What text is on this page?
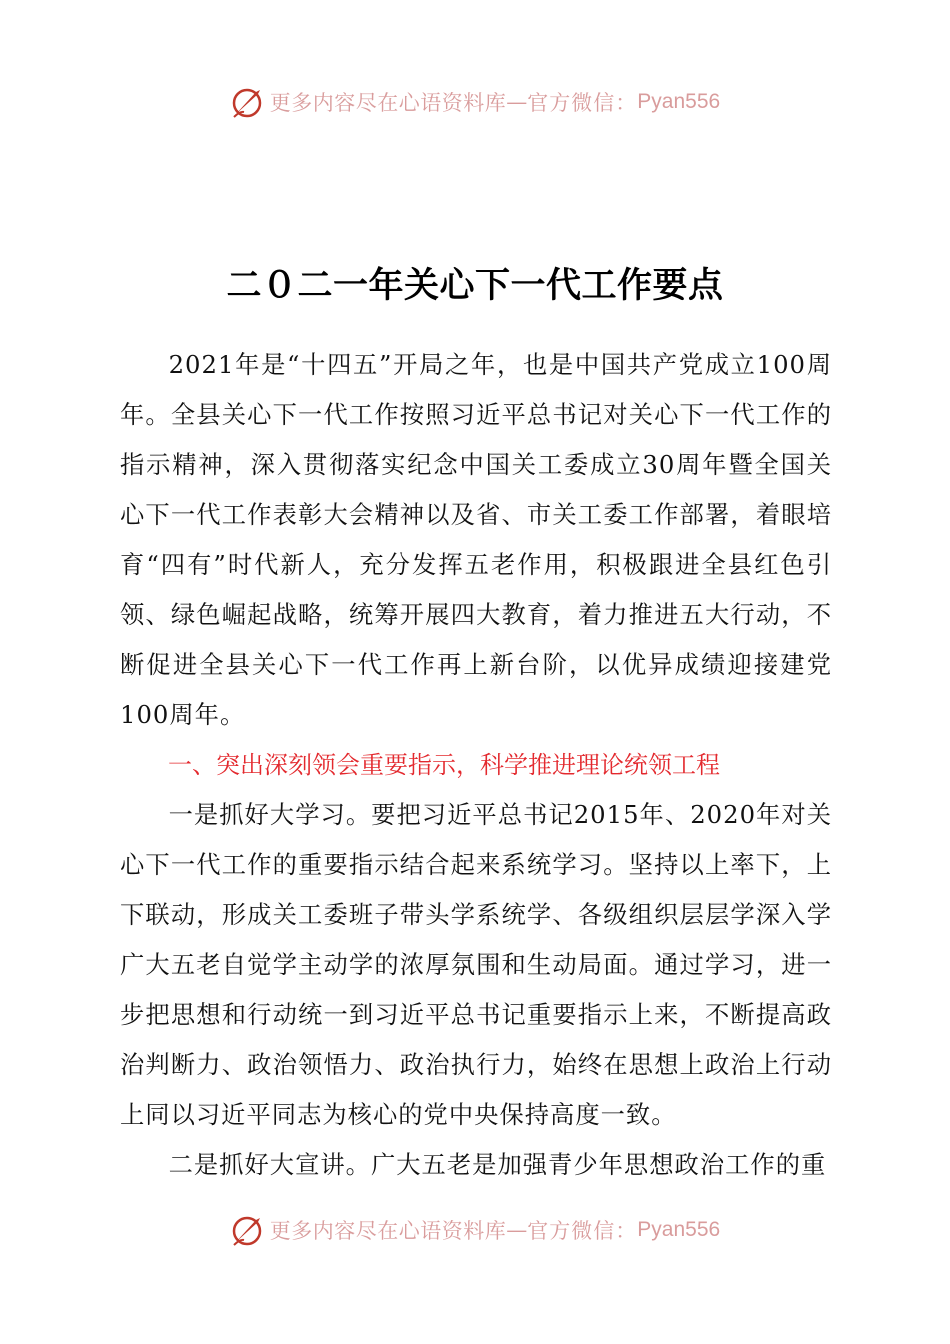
更多内容尽在心语资料库 — 官方微信： Pyan556
二０二一年关心下一代工作要点

2021年是“十四五”开局之年，也是中国共产党成立100周年。全县关心下一代工作按照习近平总书记对关心下一代工作的指示精神，深入贯彻落实纪念中国关工委成立30周年暨全国关心下一代工作表彰大会精神以及省、市关工委工作部署，着眼培育“四有”时代新人，充分发挥五老作用，积极跟进全县红色引领、绿色崛起战略，统筹开展四大教育，着力推进五大行动，不断促进全县关心下一代工作再上新台阶，以优异成绩迎接建党100周年。

一、突出深刻领会重要指示，科学推进理论统领工程

一是抓好大学习。要把习近平总书记2015年、2020年对关心下一代工作的重要指示结合起来系统学习。坚持以上率下，上下联动，形成关工委班子带头学系统学、各级组织层层学深入学广大五老自觉学主动学的浓厚氛围和生动局面。通过学习，进一步把思想和行动统一到习近平总书记重要指示上来，不断提高政治判断力、政治领悟力、政治执行力，始终在思想上政治上行动上同以习近平同志为核心的党中央保持高度一致。

二是抓好大宣讲。广大五老是加强青少年思想政治工作的重

更多内容尽在心语资料库 — 官方微信： Pyan556
